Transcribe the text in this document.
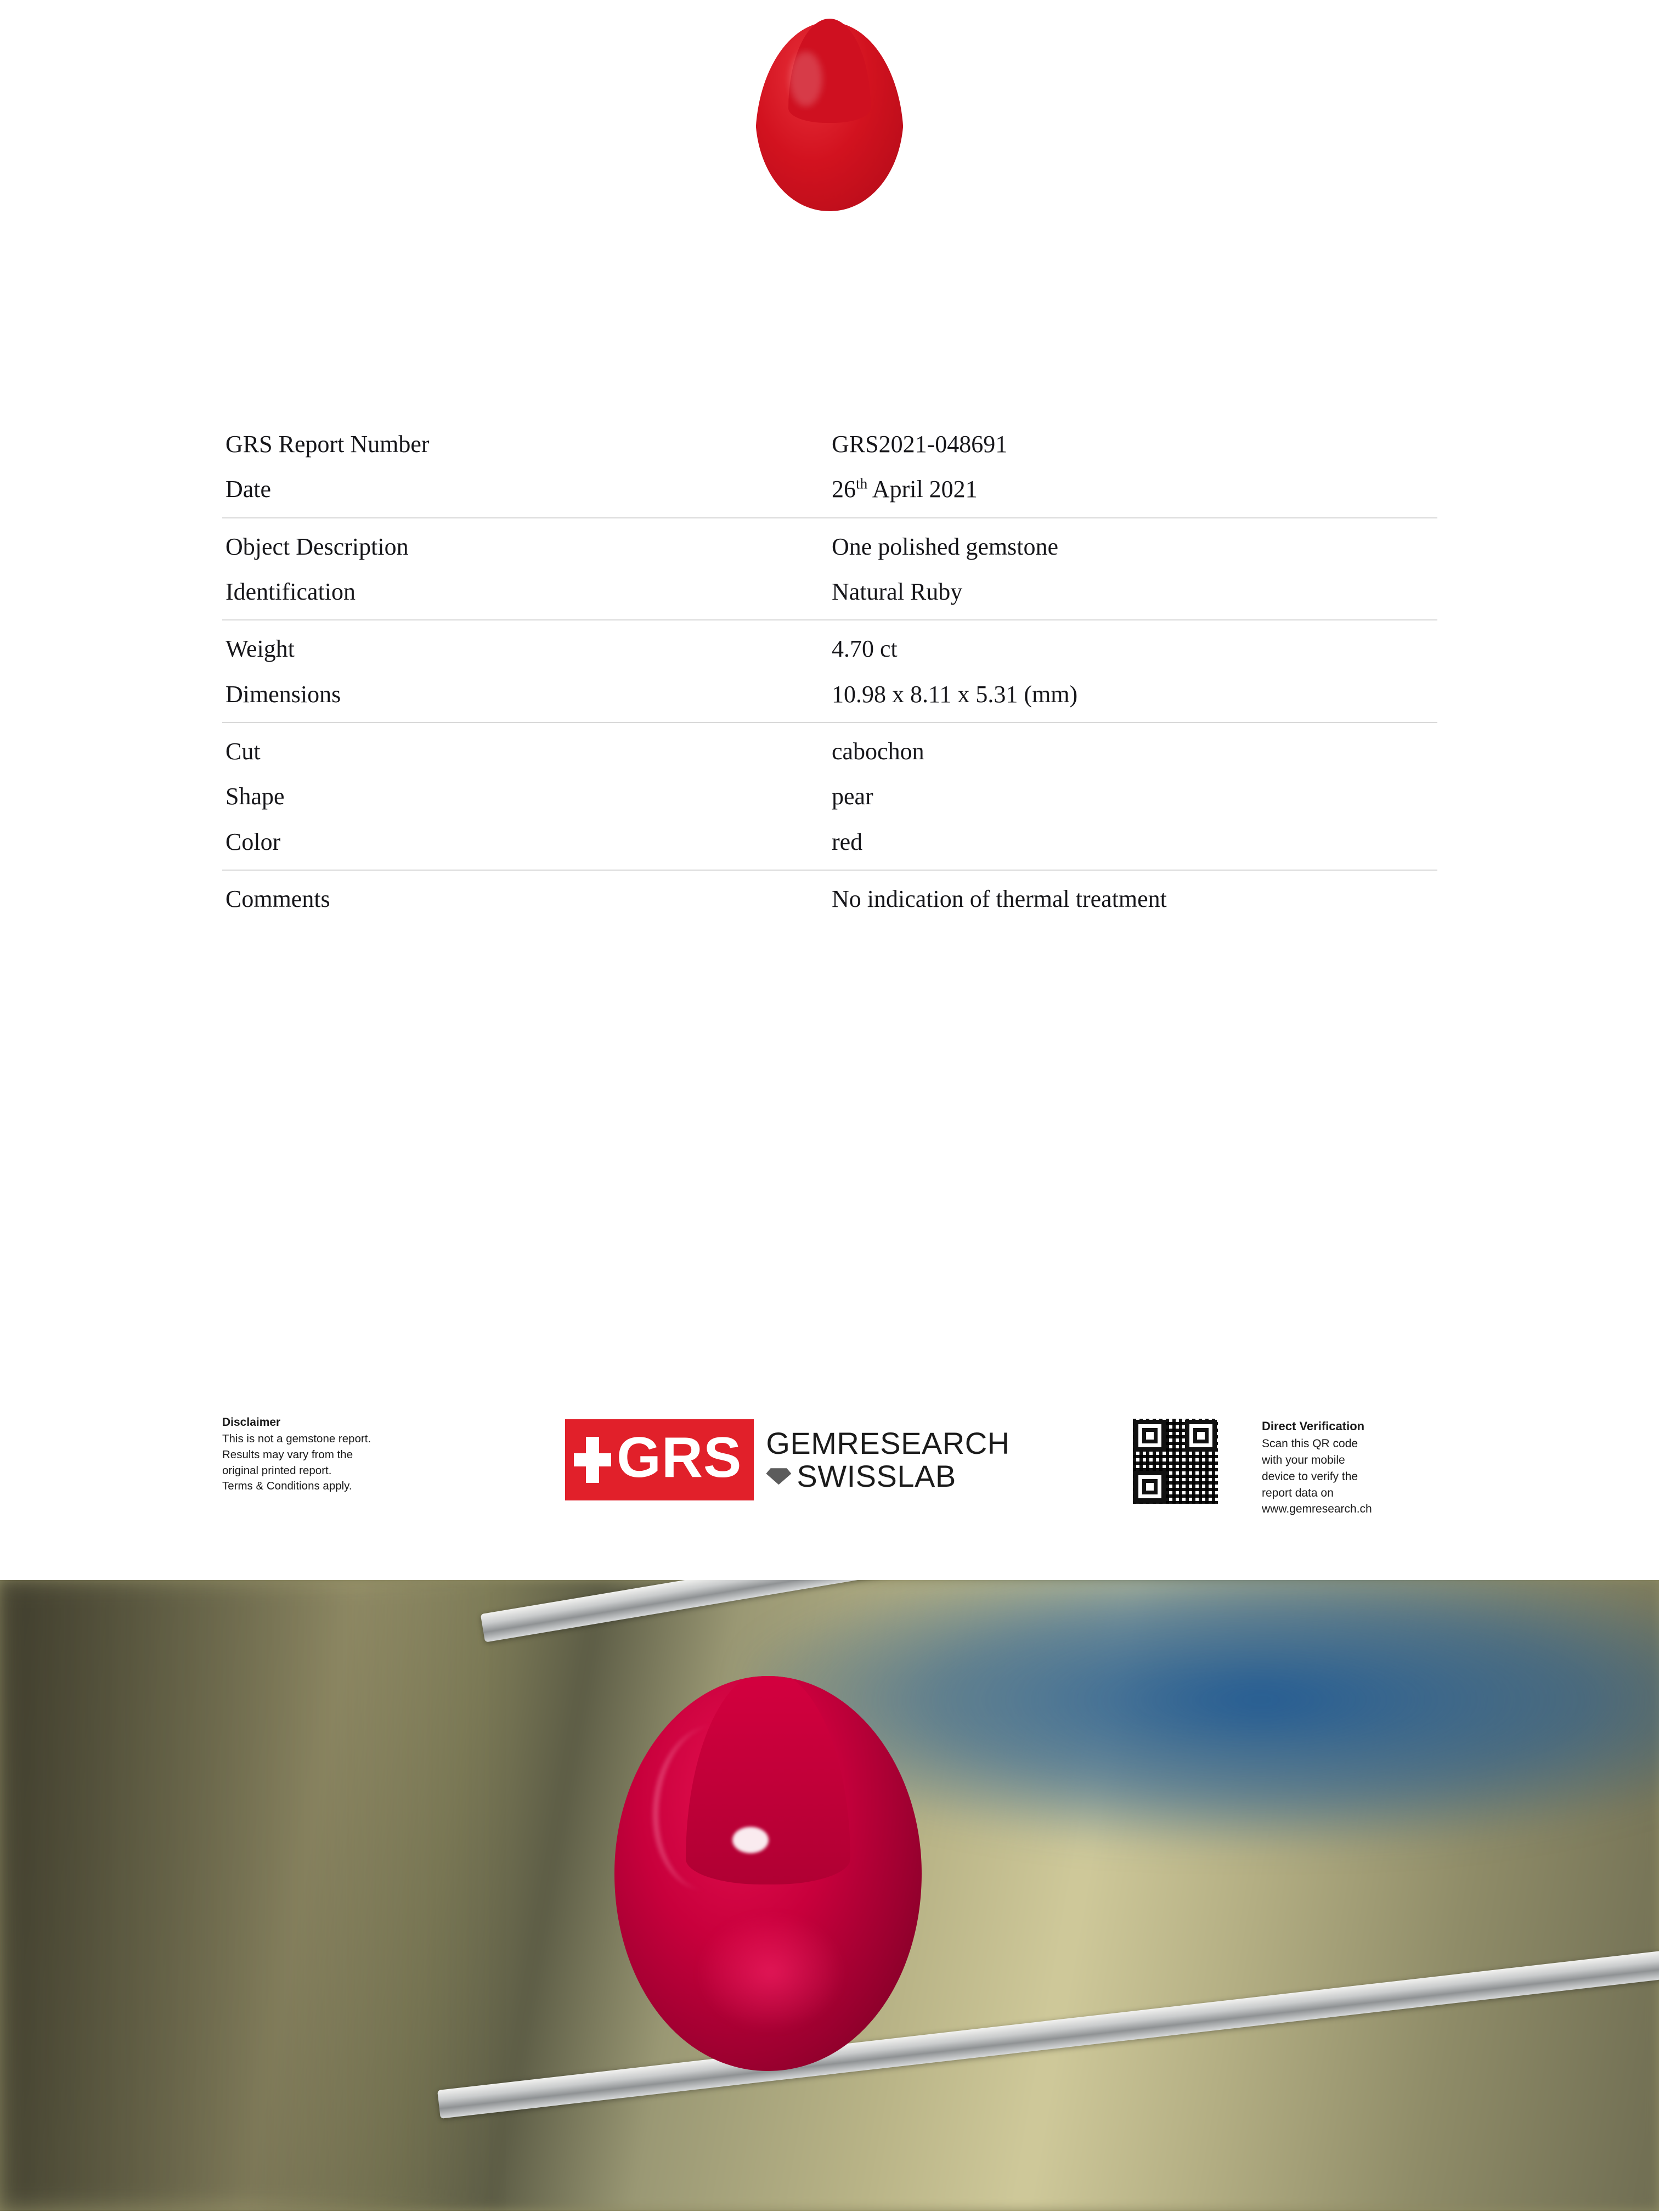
GRS Report Number	GRS2021-048691
Date	26th April 2021
Object Description	One polished gemstone
Identification	Natural Ruby
Weight	4.70 ct
Dimensions	10.98 x 8.11 x 5.31 (mm)
Cut	cabochon
Shape	pear
Color	red
Comments	No indication of thermal treatment
Disclaimer
This is not a gemstone report.
Results may vary from the
original printed report.
Terms & Conditions apply.	GRS GEMRESEARCH
SWISSLAB
Direct Verification
Scan this QR code
with your mobile
device to verify the
report data on
www.gemresearch.ch
